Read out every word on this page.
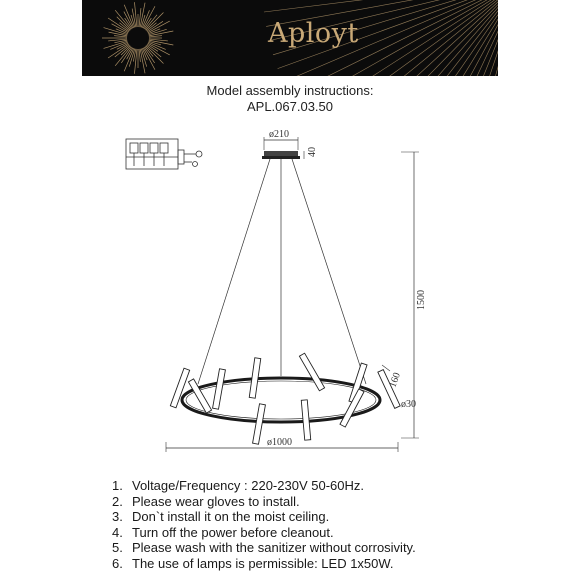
Aployt
Model assembly instructions:
APL.067.03.50
ø210
40
1500
160
ø30
ø1000
1. Voltage/Frequency : 220-230V 50-60Hz.
2. Please wear gloves to install.
3. Don`t install it on the moist ceiling.
4. Turn off the power before cleanout.
5. Please wash with the sanitizer without corrosivity.
6. The use of lamps is permissible: LED 1x50W.
